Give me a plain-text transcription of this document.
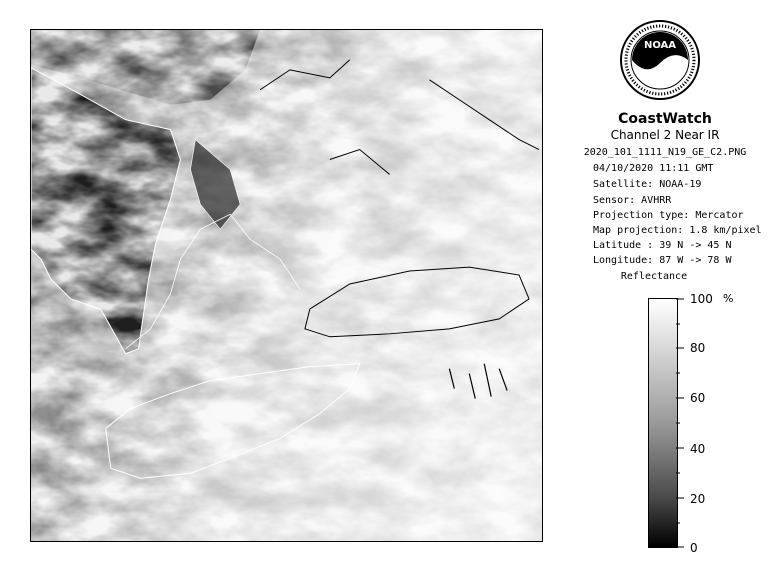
NOAA
CoastWatch
Channel 2 Near IR
2020_101_1111_N19_GE_C2.PNG
04/10/2020 11:11 GMT
Satellite: NOAA-19
Sensor: AVHRR
Projection type: Mercator
Map projection: 1.8 km/pixel
Latitude : 39 N -> 45 N
Longitude: 87 W -> 78 W
Reflectance
%
100
80
60
40
20
0
